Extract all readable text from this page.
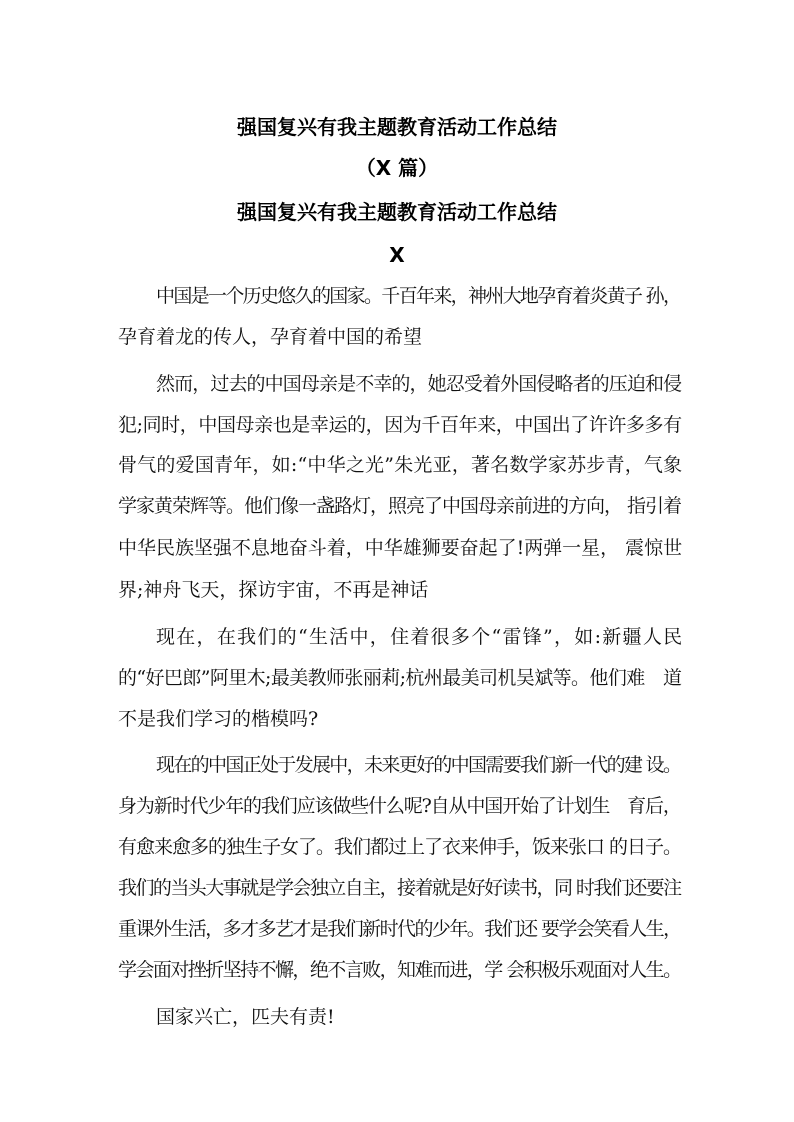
强国复兴有我主题教育活动工作总结
（X 篇）
强国复兴有我主题教育活动工作总结
X
中国是一个历史悠久的国家。千百年来，神州大地孕育着炎黄子 孙，
孕育着龙的传人，孕育着中国的希望
然而，过去的中国母亲是不幸的，她忍受着外国侵略者的压迫和侵
犯;同时，中国母亲也是幸运的，因为千百年来，中国出了许许多多有
骨气的爱国青年，如:“中华之光”朱光亚，著名数学家苏步青，气象
学家黄荣辉等。他们像一盏路灯，照亮了中国母亲前进的方向， 指引着
中华民族坚强不息地奋斗着，中华雄狮要奋起了!两弹一星， 震惊世
界;神舟飞天，探访宇宙，不再是神话
现在，在我们的“生活中，住着很多个“雷锋”，如:新疆人民
的“好巴郎”阿里木;最美教师张丽莉;杭州最美司机吴斌等。他们难　道
不是我们学习的楷模吗?
现在的中国正处于发展中，未来更好的中国需要我们新一代的建 设。
身为新时代少年的我们应该做些什么呢?自从中国开始了计划生　育后，
有愈来愈多的独生子女了。我们都过上了衣来伸手，饭来张口 的日子。
我们的当头大事就是学会独立自主，接着就是好好读书，同 时我们还要注
重课外生活，多才多艺才是我们新时代的少年。我们还 要学会笑看人生，
学会面对挫折坚持不懈，绝不言败，知难而进，学 会积极乐观面对人生。
国家兴亡，匹夫有责!
